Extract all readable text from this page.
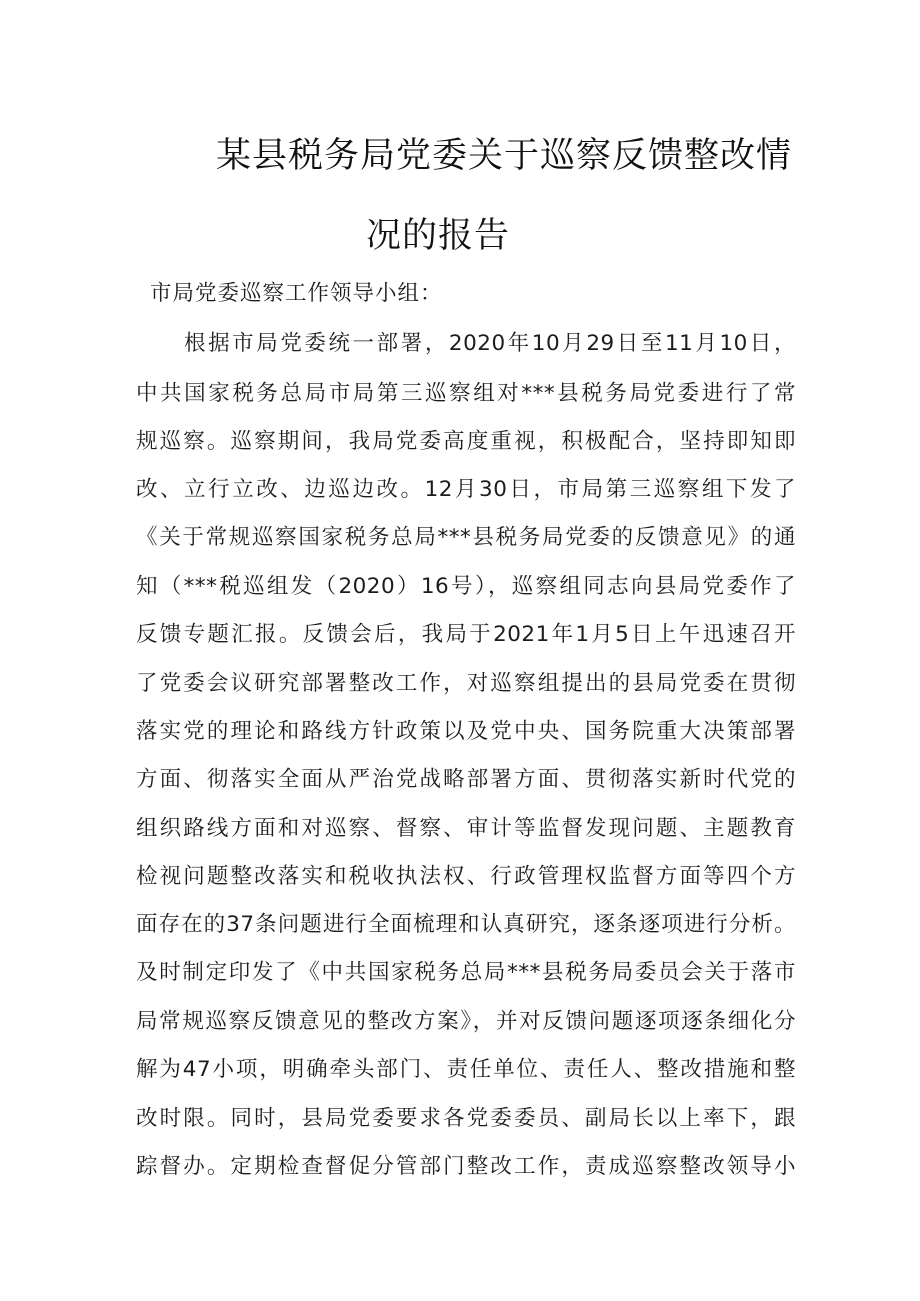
某县税务局党委关于巡察反馈整改情
况的报告
市局党委巡察工作领导小组：
根据市局党委统一部署，2020年10月29日至11月10日，
中共国家税务总局市局第三巡察组对***县税务局党委进行了常
规巡察。巡察期间，我局党委高度重视，积极配合，坚持即知即
改、立行立改、边巡边改。12月30日，市局第三巡察组下发了
《关于常规巡察国家税务总局***县税务局党委的反馈意见》的通
知（***税巡组发（2020）16号），巡察组同志向县局党委作了
反馈专题汇报。反馈会后，我局于2021年1月5日上午迅速召开
了党委会议研究部署整改工作，对巡察组提出的县局党委在贯彻
落实党的理论和路线方针政策以及党中央、国务院重大决策部署
方面、彻落实全面从严治党战略部署方面、贯彻落实新时代党的
组织路线方面和对巡察、督察、审计等监督发现问题、主题教育
检视问题整改落实和税收执法权、行政管理权监督方面等四个方
面存在的37条问题进行全面梳理和认真研究，逐条逐项进行分析。
及时制定印发了《中共国家税务总局***县税务局委员会关于落市
局常规巡察反馈意见的整改方案》，并对反馈问题逐项逐条细化分
解为47小项，明确牵头部门、责任单位、责任人、整改措施和整
改时限。同时，县局党委要求各党委委员、副局长以上率下，跟
踪督办。定期检查督促分管部门整改工作，责成巡察整改领导小
